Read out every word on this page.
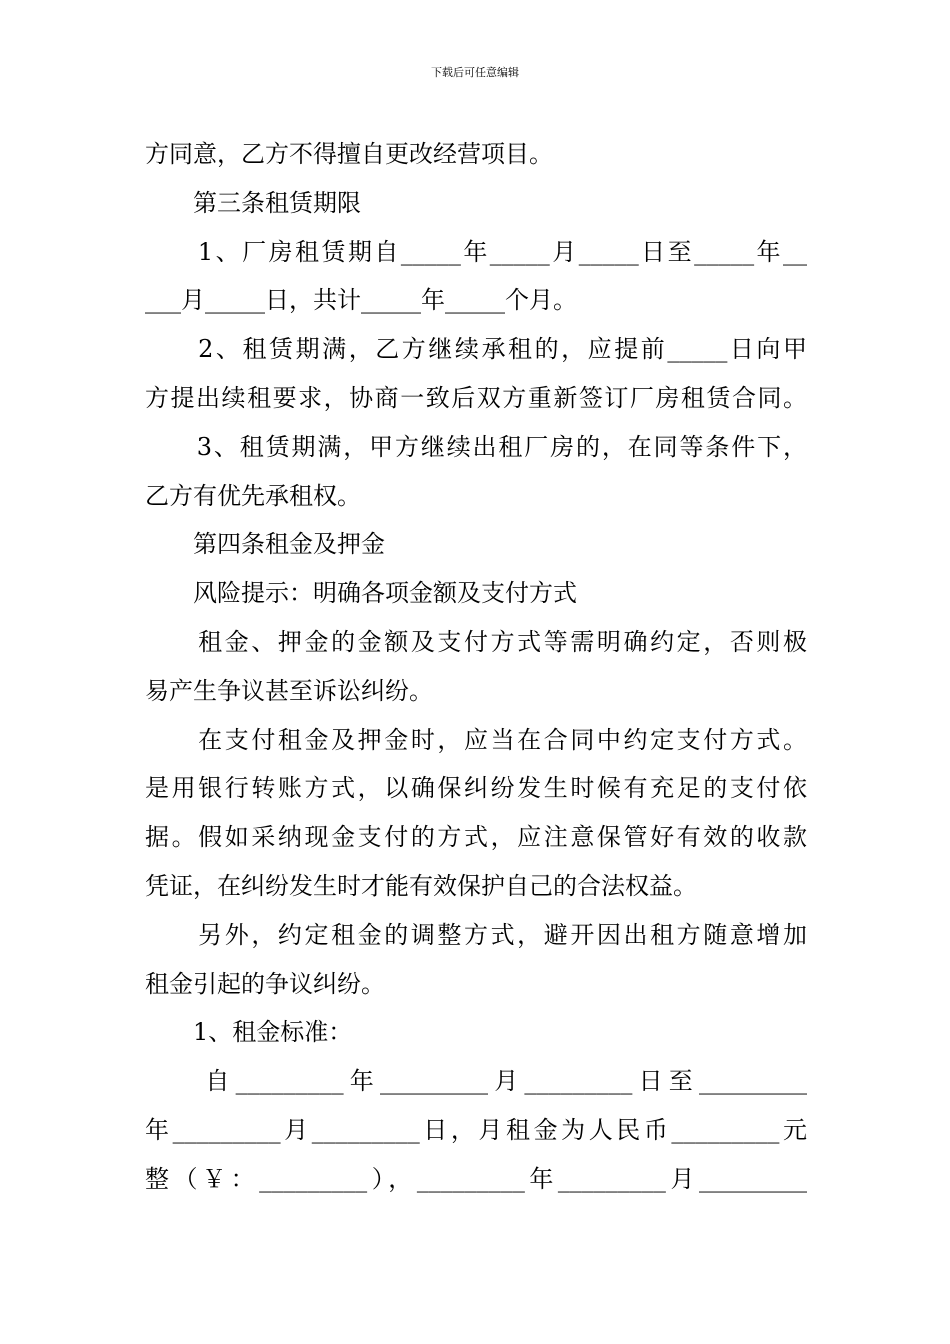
下载后可任意编辑
方同意，乙方不得擅自更改经营项目。
　　第三条租赁期限
　　1、厂房租赁期自_____年_____月_____日至_____年__
___月_____日，共计_____年_____个月。
　　2、租赁期满，乙方继续承租的，应提前_____日向甲
方提出续租要求，协商一致后双方重新签订厂房租赁合同。
　　3、租赁期满，甲方继续出租厂房的，在同等条件下，
乙方有优先承租权。
　　第四条租金及押金
　　风险提示：明确各项金额及支付方式
　　租金、押金的金额及支付方式等需明确约定，否则极
易产生争议甚至诉讼纠纷。
　　在支付租金及押金时，应当在合同中约定支付方式。
是用银行转账方式，以确保纠纷发生时候有充足的支付依
据。假如采纳现金支付的方式，应注意保管好有效的收款
凭证，在纠纷发生时才能有效保护自己的合法权益。
　　另外，约定租金的调整方式，避开因出租方随意增加
租金引起的争议纠纷。
　　1、租金标准：
　　自_________年_________月_________日至_________
年_________月_________日，月租金为人民币_________元
整（￥：_________），_________年_________月_________
